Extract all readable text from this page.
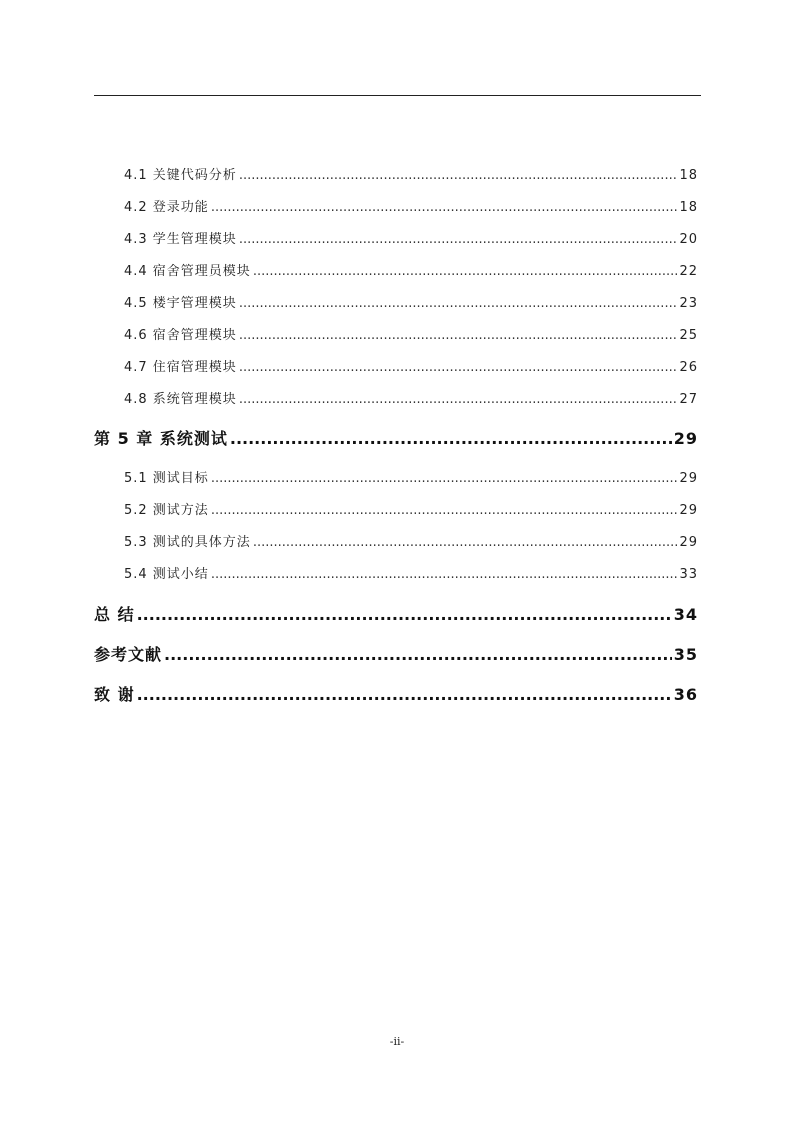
4.1 关键代码分析 .....	18
4.2 登录功能 .....	18
4.3 学生管理模块 .....	20
4.4 宿舍管理员模块 .....	22
4.5 楼宇管理模块 .....	23
4.6 宿舍管理模块 .....	25
4.7 住宿管理模块 .....	26
4.8 系统管理模块 .....	27
第 5 章 系统测试 .....	29
5.1 测试目标 .....	29
5.2 测试方法 .....	29
5.3 测试的具体方法 .....	29
5.4 测试小结 .....	33
总 结 .....	34
参考文献 .....	35
致 谢 .....	36
-ii-
